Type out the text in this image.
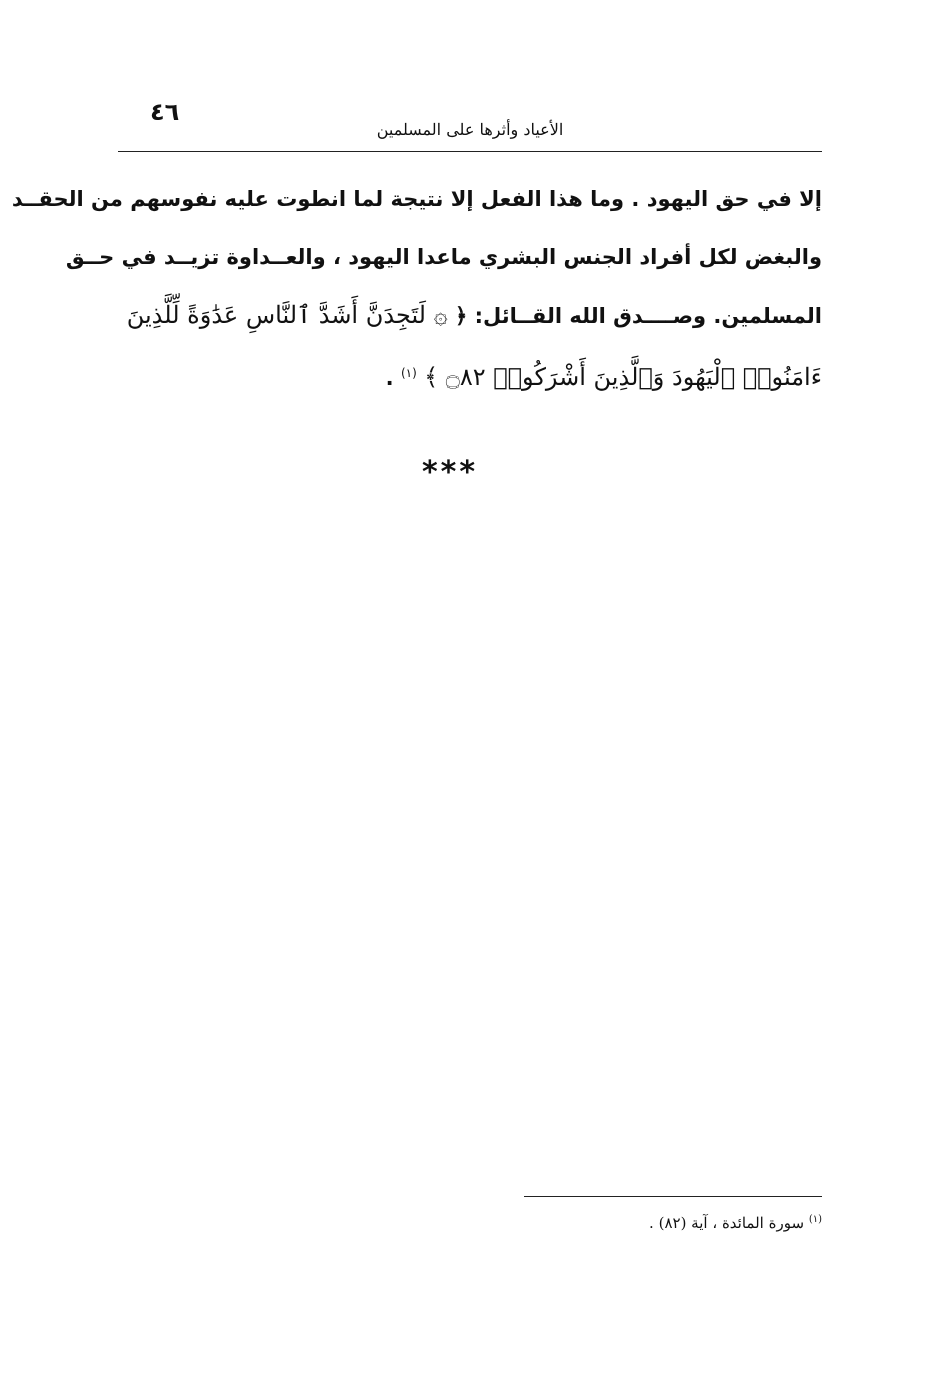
٤٦
الأعياد وأثرها على المسلمين
إلا في حق اليهود . وما هذا الفعل إلا نتيجة لما انطوت عليه نفوسهم من الحقــد
والبغض لكل أفراد الجنس البشري ماعدا اليهود ، والعــداوة تزيــد في حــق
المسلمين. وصــــدق الله القــائل: ﴿ ۞ لَتَجِدَنَّ أَشَدَّ ٱلنَّاسِ عَدَٰوَةً لِّلَّذِينَ
ءَامَنُوا۟ ٱلْيَهُودَ وَٱلَّذِينَ أَشْرَكُوا۟ ۝٨٢ ﴾ $^{(١)}$ .
***
$^{(١)}$ سورة المائدة ، آية (٨٢) .
